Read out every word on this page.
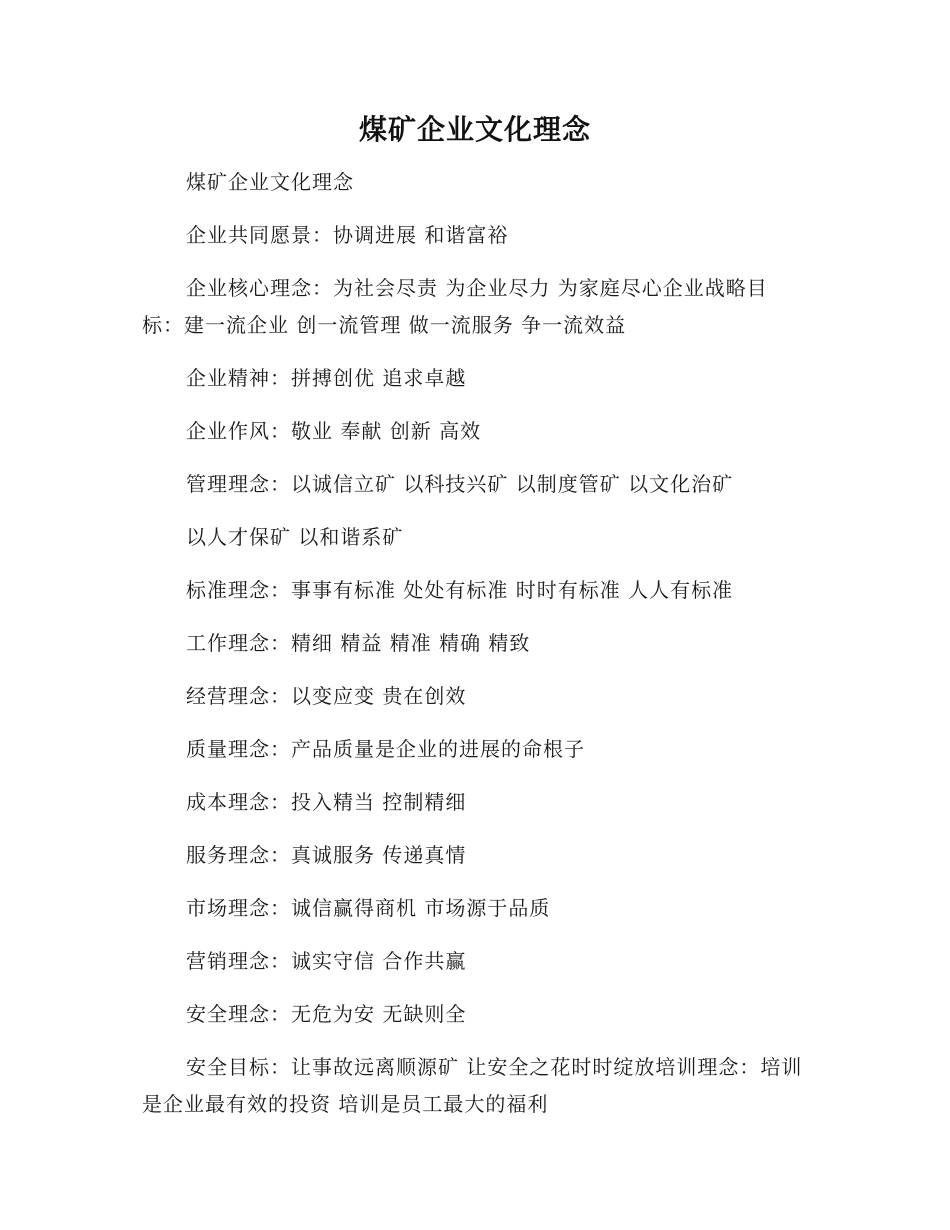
煤矿企业文化理念

煤矿企业文化理念

企业共同愿景：协调进展 和谐富裕

企业核心理念：为社会尽责 为企业尽力 为家庭尽心企业战略目标：建一流企业 创一流管理 做一流服务 争一流效益

企业精神：拼搏创优 追求卓越

企业作风：敬业 奉献 创新 高效

管理理念：以诚信立矿 以科技兴矿 以制度管矿 以文化治矿

以人才保矿 以和谐系矿

标准理念：事事有标准 处处有标准 时时有标准 人人有标准

工作理念：精细 精益 精准 精确 精致

经营理念：以变应变 贵在创效

质量理念：产品质量是企业的进展的命根子

成本理念：投入精当 控制精细

服务理念：真诚服务 传递真情

市场理念：诚信赢得商机 市场源于品质

营销理念：诚实守信 合作共赢

安全理念：无危为安 无缺则全

安全目标：让事故远离顺源矿 让安全之花时时绽放培训理念：培训是企业最有效的投资 培训是员工最大的福利
